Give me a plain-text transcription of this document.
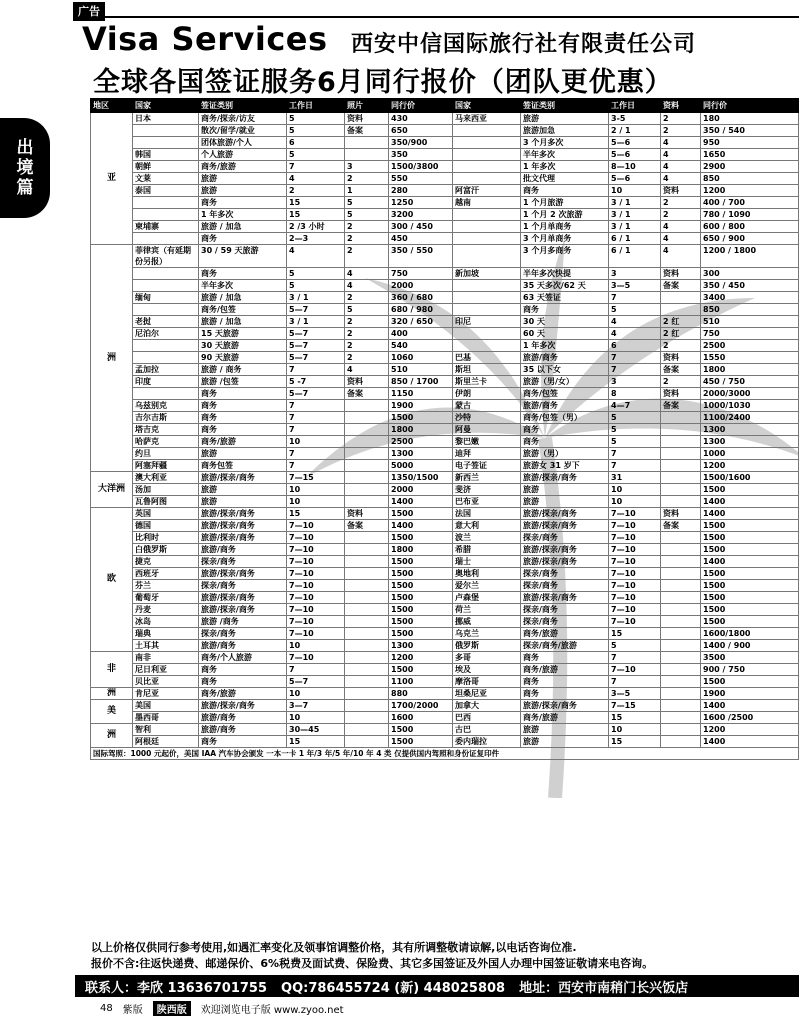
广告
出
境
篇
Visa Services 西安中信国际旅行社有限责任公司
全球各国签证服务6月同行报价（团队更优惠）
地区	国家	签证类别	工作日	照片	同行价	国家	签证类别	工作日	资料	同行价
亚	日本	商务/探亲/访友	5	资料	430	马来西亚	旅游	3-5	2	180
		散次/留学/就业	5	备案	650		旅游加急	2 / 1	2	350 / 540
		团体旅游/个人	6		350/900		3 个月多次	5—6	4	950
	韩国	个人旅游	5		350		半年多次	5—6	4	1650
	朝鲜	商务/旅游	7	3	1500/3800		1 年多次	8—10	4	2900
	文莱	旅游	4	2	550		批文代理	5—6	4	850
	泰国	旅游	2	1	280	阿富汗	商务	10	资料	1200
		商务	15	5	1250	越南	1 个月旅游	3 / 1	2	400 / 700
		1 年多次	15	5	3200		1 个月 2 次旅游	3 / 1	2	780 / 1090
	柬埔寨	旅游 / 加急	2 /3 小时	2	300 / 450		1 个月单商务	3 / 1	4	600 / 800
		商务	2—3	2	450		3 个月单商务	6 / 1	4	650 / 900
洲	菲律宾（有延期份另报）	30 / 59 天旅游	4	2	350 / 550		3 个月多商务	6 / 1	4	1200 / 1800
		商务	5	4	750	新加坡	半年多次快提	3	资料	300
		半年多次	5	4	2000		35 天多次/62 天	3—5	备案	350 / 450
	缅甸	旅游 / 加急	3 / 1	2	360 / 680		63 天签证	7		3400
		商务/包签	5—7	5	680 / 980		商务	5		850
	老挝	旅游 / 加急	3 / 1	2	320 / 650	印尼	30 天	4	2 红	510
	尼泊尔	15 天旅游	5—7	2	400		60 天	4	2 红	750
		30 天旅游	5—7	2	540		1 年多次	6	2	2500
		90 天旅游	5—7	2	1060	巴基	旅游/商务	7	资料	1550
	孟加拉	旅游 / 商务	7	4	510	斯坦	35 以下女	7	备案	1800
	印度	旅游 /包签	5 -7	资料	850 / 1700	斯里兰卡	旅游（男/女）	3	2	450 / 750
		商务	5—7	备案	1150	伊朗	商务/包签	8	资料	2000/3000
	乌兹别克	商务	7		1900	蒙古	旅游/商务	4—7	备案	1000/1030
	吉尔吉斯	商务	7		1500	沙特	商务/包签（男）	5		1100/2400
	塔吉克	商务	7		1800	阿曼	商务	5		1300
	哈萨克	商务/旅游	10		2500	黎巴嫩	商务	5		1300
	约旦	旅游	7		1300	迪拜	旅游（男）	7		1000
	阿塞拜疆	商务包签	7		5000	电子签证	旅游女 31 岁下	7		1200
大洋洲	澳大利亚	旅游/探亲/商务	7—15		1350/1500	新西兰	旅游/探亲/商务	31		1500/1600
	汤加	旅游	10		2000	斐济	旅游	10		1500
	瓦鲁阿图	旅游	10		1400	巴布亚	旅游	10		1400
欧	英国	旅游/探亲/商务	15	资料	1500	法国	旅游/探亲/商务	7—10	资料	1400
	德国	旅游/探亲/商务	7—10	备案	1400	意大利	旅游/探亲/商务	7—10	备案	1500
	比利时	旅游/探亲/商务	7—10		1500	波兰	探亲/商务	7—10		1500
	白俄罗斯	旅游/商务	7—10		1800	希腊	旅游/探亲/商务	7—10		1500
	捷克	探亲/商务	7—10		1500	瑞士	旅游/探亲/商务	7—10		1400
	西班牙	旅游/探亲/商务	7—10		1500	奥地利	探亲/商务	7—10		1500
	芬兰	探亲/商务	7—10		1500	爱尔兰	探亲/商务	7—10		1500
	葡萄牙	旅游/探亲/商务	7—10		1500	卢森堡	旅游/探亲/商务	7—10		1500
	丹麦	旅游/探亲/商务	7—10		1500	荷兰	探亲/商务	7—10		1500
	冰岛	旅游 /商务	7—10		1500	挪威	探亲/商务	7—10		1500
	瑞典	探亲/商务	7—10		1500	乌克兰	商务/旅游	15		1600/1800
	土耳其	旅游/商务	10		1300	俄罗斯	探亲/商务/旅游	5		1400 / 900
非	南非	商务/个人旅游	7—10		1200	多哥	商务	7		3500
	尼日利亚	商务	7		1500	埃及	商务/旅游	7—10		900 / 750
	贝比亚	商务	5—7		1100	摩洛哥	商务	7		1500
洲	肯尼亚	商务/旅游	10		880	坦桑尼亚	商务	3—5		1900
美	美国	旅游/探亲/商务	3—7		1700/2000	加拿大	旅游/探亲/商务	7—15		1400
	墨西哥	旅游/商务	10		1600	巴西	商务/旅游	15		1600 /2500
洲	智利	旅游/商务	30—45		1500	古巴	旅游	10		1200
	阿根廷	商务	15		1500	委内瑞拉	旅游	15		1400
国际驾照：1000 元起价，美国 IAA 汽车协会颁发 一本一卡 1 年/3 年/5 年/10 年 4 类 仅提供国内驾照和身份证复印件										
以上价格仅供同行参考使用,如遇汇率变化及领事馆调整价格，其有所调整敬请谅解,以电话咨询位准.
报价不含:往返快递费、邮递保价、6%税费及面试费、保险费、其它多国签证及外国人办理中国签证敬请来电咨询。
联系人：李欣 13636701755 QQ:786455724 (新) 448025808 地址：西安市南稍门长兴饭店
48 紫版	陕西版	欢迎浏览电子版 www.zyoo.net
